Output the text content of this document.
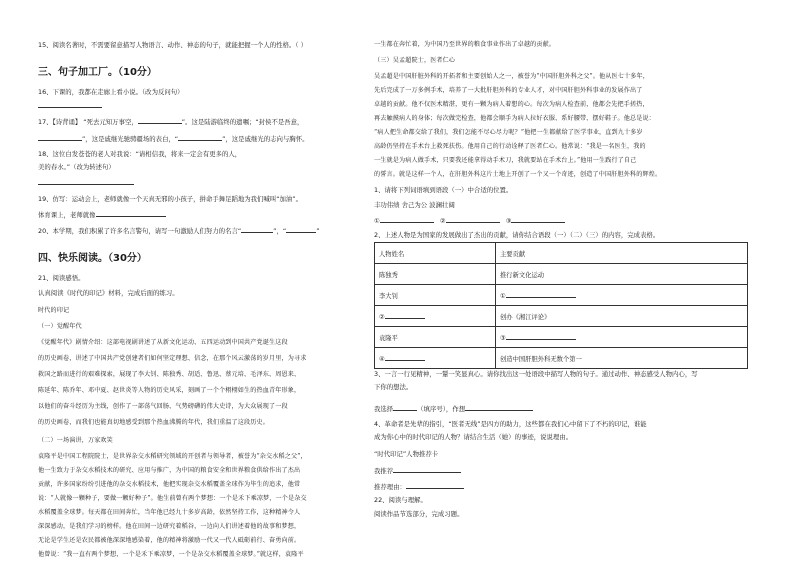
15、阅读名著时，不需要留意描写人物语言、动作、神态的句子，就能把握一个人的性格。（ ）
三、句子加工厂。（10分）
16、下课的，我都在走廊上看小说。（改为反问句）
17、【诗背诵】 “死去元知万事空，	”。这是陆游临终的遗嘱；“封侯不是吾意，
”，这是戚继光驰骋疆场的表白，“	”，这是戚继光的志向与胸怀。
18、这位白发苍苍的老人对我说：“请相信我，将来一定会有更多的人，
美的春水。”（改为转述句）
19、仿写：运动会上，老师就像一个天真无邪的小孩子，拼命手舞足蹈地为我们喊叫“加油”。
体育课上，老师就像
20、本学期，我们积累了许多名言警句，请写一句激励人们努力的名言“	”，“	”
四、快乐阅读。（30分）
21、阅读感悟。
认真阅读《时代的印记》材料，完成后面的练习。
时代的印记
（一）觉醒年代
《觉醒年代》剧情介绍：这部电视剧讲述了从新文化运动、五四运动到中国共产党诞生这段
的历史画卷，讲述了中国共产党创建者们如何坚定理想、信念，在那个风云激荡的岁月里，为寻求
救国之路而进行的艰难探索，展现了李大钊、陈独秀、胡适、鲁迅、蔡元培、毛泽东、周恩来、
陈延年、陈乔年、邓中夏、赵世炎等人物的历史风采，刻画了一个个栩栩如生的热血青年形象，
以他们的奋斗经历为主线，创作了一部荡气回肠、气势磅礴的伟大史诗，为大众展现了一段
的历史画卷，而我们也能真切地感受到那个热血沸腾的年代，我们重温了这段历史。
（二）一场演讲，万家欢笑
袁隆平是中国工程院院士，是世界杂交水稻研究领域的开创者与领导者，被誉为“杂交水稻之父”，
他一生致力于杂交水稻技术的研究、应用与推广，为中国的粮食安全和世界粮食供给作出了杰出
贡献，许多国家纷纷引进他的杂交水稻技术，他把实现杂交水稻覆盖全球作为毕生的追求，他常
说：“人就像一颗种子，要做一颗好种子”。他生前曾有两个梦想：一个是禾下乘凉梦，一个是杂交
水稻覆盖全球梦。每天都在田间奔忙，当年他已经九十多岁高龄，依然坚持工作，这种精神令人
深深感动，是我们学习的榜样。他在田间一边研究着稻谷，一边向人们讲述着他的故事和梦想，
无论是学生还是农民都被他深深地感染着，他的精神将激励一代又一代人砥砺前行、奋勇向前。
他曾说：“我一直有两个梦想，一个是禾下乘凉梦，一个是杂交水稻覆盖全球梦。”就这样，袁隆平
一生都在奔忙着，为中国乃至世界的粮食事业作出了卓越的贡献。
（三）吴孟超院士，医者仁心
吴孟超是中国肝脏外科的开拓者和主要创始人之一，被誉为“中国肝胆外科之父”。他从医七十多年，
先后完成了一万多例手术，培养了一大批肝胆外科的专业人才，对中国肝胆外科事业的发展作出了
卓越的贡献。他不仅医术精湛，更有一颗为病人着想的心。每次为病人检查前，他都会先把手搓热，
再去触摸病人的身体；每次做完检查，他都会顺手为病人拉好衣服、系好腰带、摆好鞋子。他总是说：
“病人把生命都交给了我们，我们怎能不尽心尽力呢？”他把一生都献给了医学事业，直到九十多岁
高龄仍坚持在手术台上救死扶伤。他用自己的行动诠释了医者仁心。他常说：“我是一名医生，我的
一生就是为病人做手术，只要我还能拿得动手术刀，我就要站在手术台上。”他用一生践行了自己
的誓言。就是这样一个人，在肝胆外科这片土地上开创了一个又一个奇迹，创造了中国肝胆外科的辉煌。
1、请将下列词语填到语段（一）中合适的位置。
丰功伟绩 舍己为公 波澜壮阔
①	②	③
2、上述人物是为国家的发展做出了杰出的贡献，请你结合语段（一）（二）（三）的内容，完成表格。
人物姓名	主要贡献
陈独秀	推行新文化运动
李大钊	①
②	创办《湘江评论》
袁隆平	③
④	创造中国肝胆外科无数个第一
3、一言一行见精神，一颦一笑显真心。请你找出这一处语段中描写人物的句子。通过动作、神态感受人物内心，写
下你的想法。
我选择	（填序号），作想
4、革命者是先辈的指引，“医者无线”是四方的助力，这些都在我们心中留下了不朽的印记，谁能
成为你心中的时代印记的人物？请结合生活（她）的事迹，说说理由。
“时代印记”人物推荐卡
我推荐
推荐理由：
22、阅读与理解。
阅读作品节选部分，完成习题。
